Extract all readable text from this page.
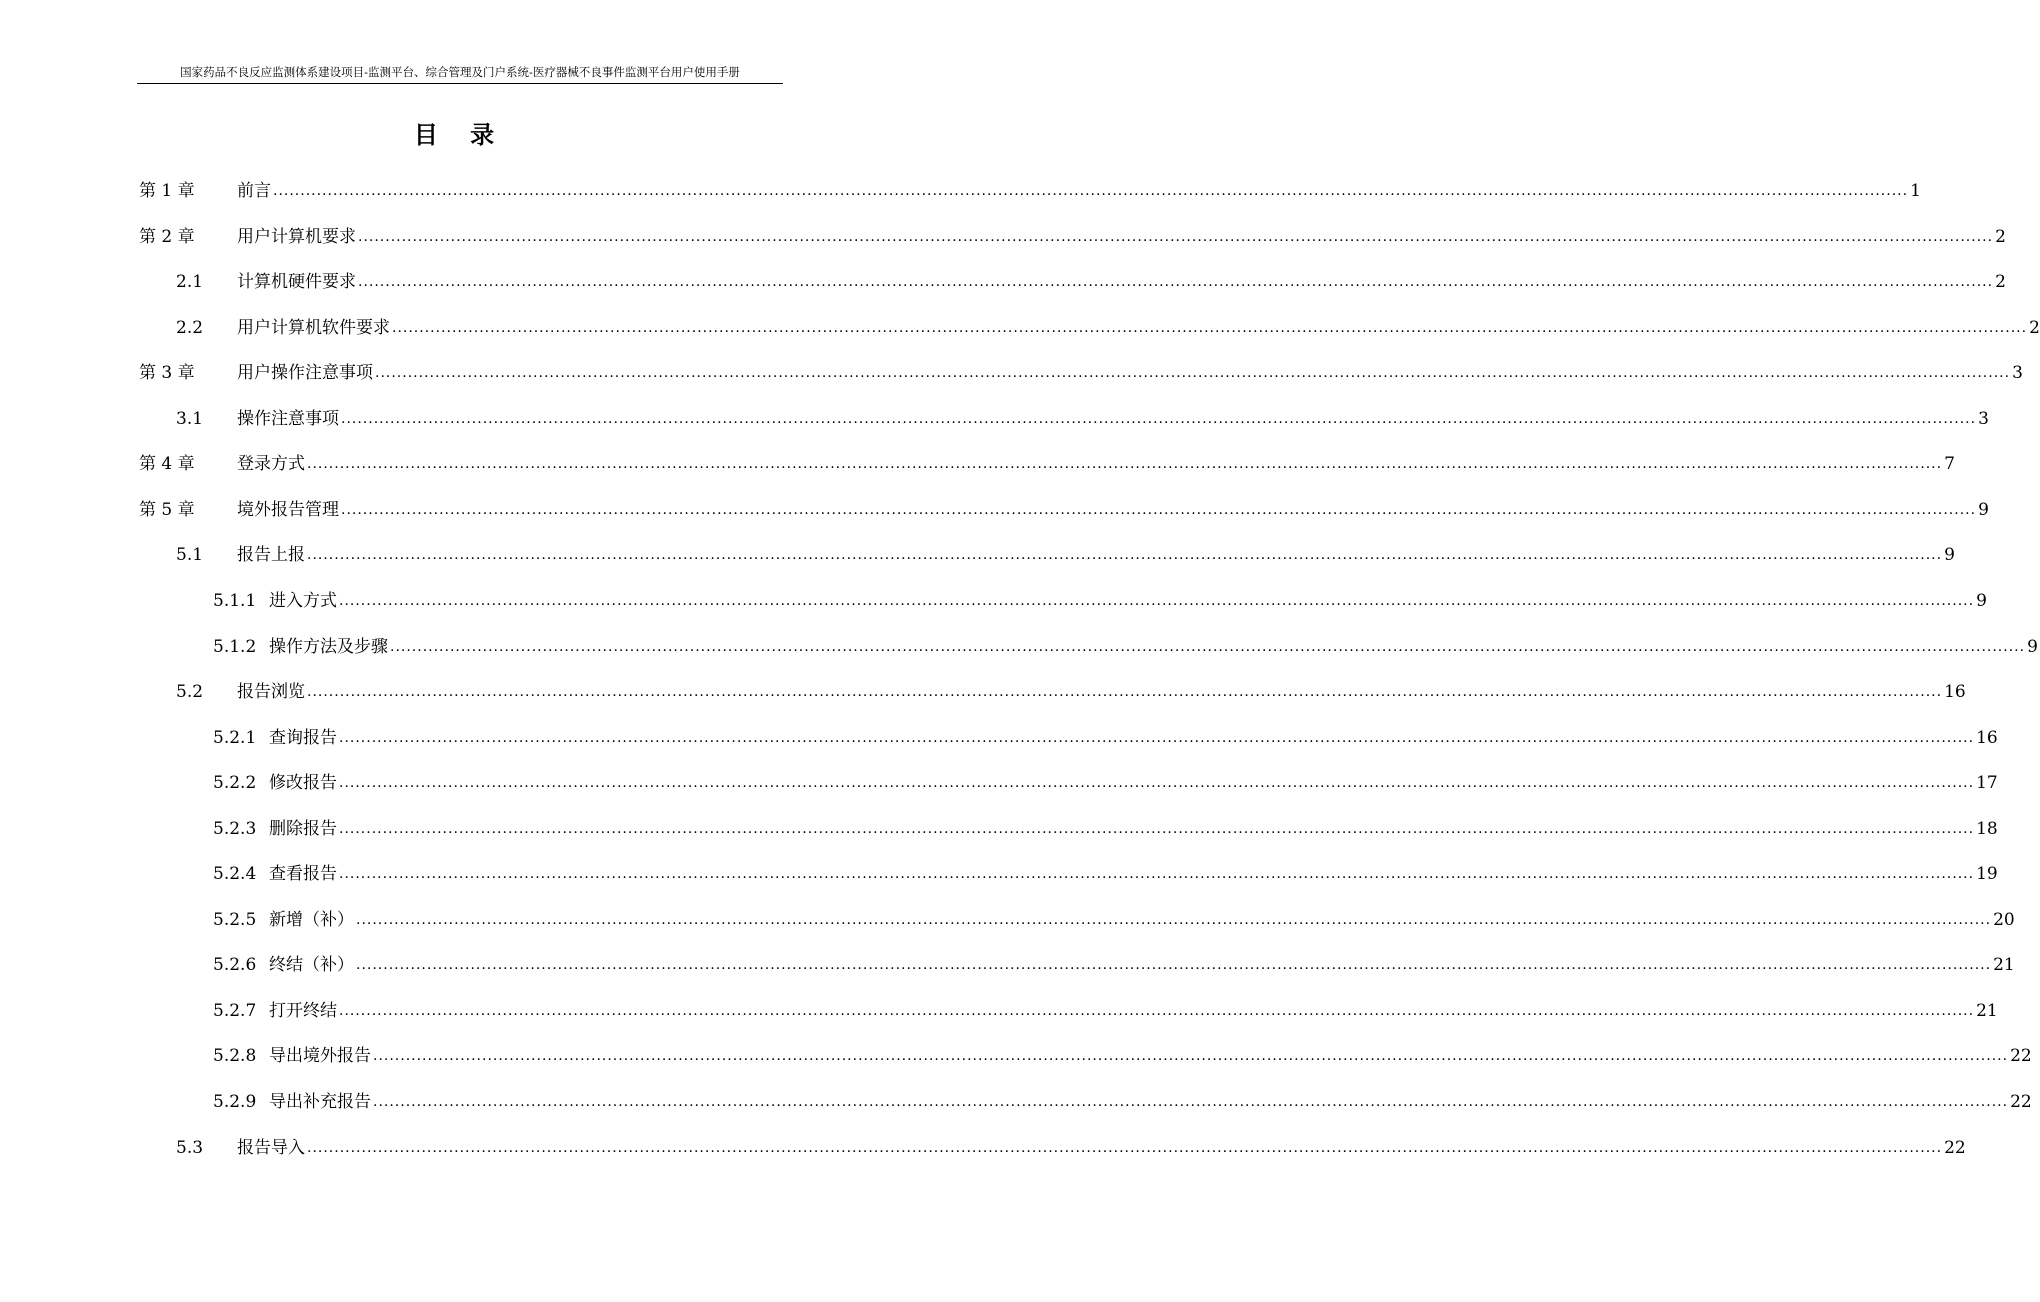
国家药品不良反应监测体系建设项目-监测平台、综合管理及门户系统-医疗器械不良事件监测平台用户使用手册
目 录
第 1 章	前言 ............................................................................................................................................................................................................................................................................................................ 1
第 2 章	用户计算机要求 ............................................................................................................................................................................................................................................................................................................ 2
2.1	计算机硬件要求 ............................................................................................................................................................................................................................................................................................................ 2
2.2	用户计算机软件要求 ............................................................................................................................................................................................................................................................................................................ 2
第 3 章	用户操作注意事项 ............................................................................................................................................................................................................................................................................................................ 3
3.1	操作注意事项 ............................................................................................................................................................................................................................................................................................................ 3
第 4 章	登录方式 ............................................................................................................................................................................................................................................................................................................ 7
第 5 章	境外报告管理 ............................................................................................................................................................................................................................................................................................................ 9
5.1	报告上报 ............................................................................................................................................................................................................................................................................................................ 9
5.1.1 进入方式 ............................................................................................................................................................................................................................................................................................................ 9
5.1.2 操作方法及步骤 ............................................................................................................................................................................................................................................................................................................ 9
5.2	报告浏览 ............................................................................................................................................................................................................................................................................................................ 16
5.2.1 查询报告 ............................................................................................................................................................................................................................................................................................................ 16
5.2.2 修改报告 ............................................................................................................................................................................................................................................................................................................ 17
5.2.3 删除报告 ............................................................................................................................................................................................................................................................................................................ 18
5.2.4 查看报告 ............................................................................................................................................................................................................................................................................................................ 19
5.2.5 新增（补） ............................................................................................................................................................................................................................................................................................................ 20
5.2.6 终结（补） ............................................................................................................................................................................................................................................................................................................ 21
5.2.7 打开终结 ............................................................................................................................................................................................................................................................................................................ 21
5.2.8 导出境外报告 ............................................................................................................................................................................................................................................................................................................ 22
5.2.9 导出补充报告 ............................................................................................................................................................................................................................................................................................................ 22
5.3	报告导入 ............................................................................................................................................................................................................................................................................................................ 22
